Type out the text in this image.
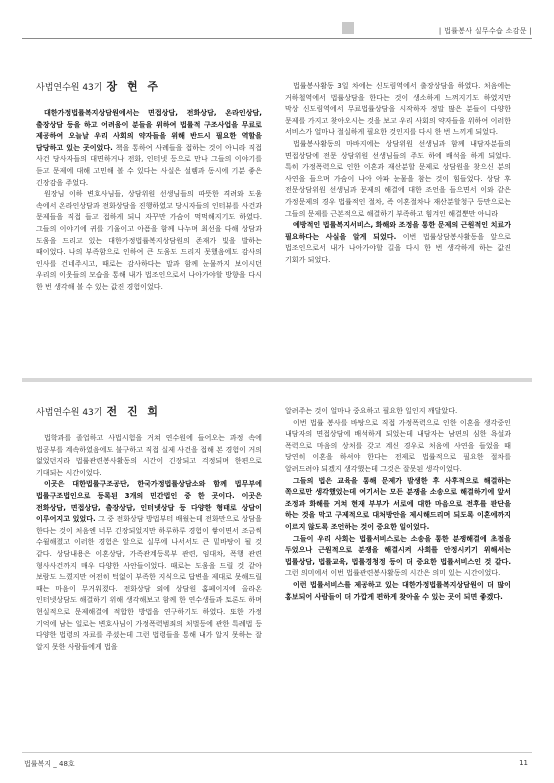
| 법률봉사 실무수습 소감문 |
사법연수원 43기 장 현 주

대한가정법률복지상담원에서는 면접상담, 전화상담, 온라인상담, 출장상담 등을 하고 어려움이 분들을 위하여 법률적 구조사업을 무료로 제공하여 오늘날 우리 사회의 약자들을 위해 반드시 필요한 역할을 담당하고 있는 곳이었다. 책을 통하여 사례들을 접하는 것이 아니라 직접 사건 당사자들의 대면하거나 전화, 인터넷 등으로 만나 그들의 이야기를 듣고 문제에 대해 고민해 볼 수 있다는 사실은 설렘과 동시에 기분 좋은 긴장감을 주었다.

원장님 이하 변호사님들, 상담위원 선생님들의 따뜻한 격려와 도움 속에서 온라인상담과 전화상담을 진행하였고 당시자들의 인터뷰를 사건과 문제들을 직접 들고 접하게 되니 자꾸만 가슴이 먹먹해지기도 하였다. 그들의 이야기에 귀를 기울이고 아픔을 함께 나누며 최선을 다해 상담과 도움을 드리고 있는 대한가정법률복지상담원의 존재가 빛을 발하는 때이었다. 나의 부족함으로 인하여 큰 도움도 드리지 못했음에도 감사의 인사를 건네주시고, 때로는 감사하다는 말과 함께 눈물까지 보이시던 우리의 이웃들의 모습을 통해 내가 법조인으로서 나아가야할 방향을 다시 한 번 생각해 볼 수 있는 값진 경험이었다.

법률봉사활동 3일 차에는 신도림역에서 출장상담을 하였다. 처음에는 거하철역에서 법률상담을 한다는 것이 생소하게 느껴지기도 하였지만 막상 신도림역에서 무료법률상담을 시작하자 정말 많은 분들이 다양한 문제를 가지고 찾아오시는 것을 보고 우리 사회의 약자들을 위하여 이러한 서비스가 얼마나 절실하게 필요한 것인지를 다시 한 번 느끼게 되었다.

법률봉사활동의 마바지에는 상담위원 선생님과 함께 내담자분들의 면접상담에 전문 상담위원 선생님들의 주도 하에 배석을 하게 되었다. 특히 가정폭력으로 인한 이혼과 재산분할 문제로 상담원을 찾으신 분의 사연을 들으며 가슴이 나아 아파 눈물을 참는 것이 힘들었다. 상담 후 전문상담위원 선생님과 문제의 해결에 대한 조언을 들으면서 이와 같은 가정문제의 경우 법률적인 절차, 즉 이혼절차나 재산분할청구 등만으로는 그들의 문제를 근본적으로 해결하기 부족하고 힘겨인 해결뿐만 아니라

예방적인 법률복지서비스, 화해와 조정을 통한 문제의 근원적인 치료가 필요하다는 사실을 알게 되었다. 이번 법률상담봉사활동을 앞으로 법조인으로서 내가 나아가야할 길을 다시 한 번 생각하게 하는 값진 기회가 되었다.

사법연수원 43기 전 진 희

법학과를 졸업하고 사법시험을 거쳐 연수원에 들어오는 과정 속에 법공부를 계속하였음에도 불구하고 직접 실제 사건을 접해 본 경험이 거의 없었던지라 법률관련봉사활동의 시간이 긴장되고 걱정되며 한편으로 기대되는 시간이었다.

이곳은 대한법률구조공단, 한국가정법률상담소와 함께 법무부에 법률구조법인으로 등록된 3개의 민간법인 중 한 곳이다. 이곳은 전화상담, 면접상담, 출장상담, 인터넷상담 등 다양한 형태로 상담이 이루어지고 있었다. 그 중 전화상담 방법부터 배웠는데 전화만으로 상담을 한다는 것이 처음엔 너무 긴장되었지만 하루하루 경험이 쌓이면서 조금씩 수월해졌고 이러한 경험은 앞으로 실무에 나서서도 큰 밑바탕이 될 것 같다. 상담내용은 이혼상담, 가족관계등록부 관련, 임대차, 폭행 관련 형사사건까지 매우 다양한 사안들이었다. 때로는 도움을 드릴 것 같아 보람도 느꼈지만 여전히 턱없이 부족한 지식으로 답변을 제대로 못해드릴 때는 마음이 무거워졌다. 전화상담 외에 상담원 홈페이지에 올라온 인터넷상담도 해결하기 위해 생각해보고 함께 한 연수생들과 토론도 하며 현실적으로 문제해결에 적합한 방법을 연구하기도 하였다. 또한 가정 기억에 남는 일로는 변호사님이 가정폭력범죄의 처벌등에 관한 특례법 등 다양한 법령의 자료를 주셨는데 그런 법령들을 통해 내가 알지 못하는 잘 알지 못한 사람들에게 법을

알려주는 것이 얼마나 중요하고 필요한 일인지 깨달았다.

이번 법률 봉사를 바탕으로 직접 가정폭력으로 인한 이혼을 생각중인 내담자의 면접상담에 배석하게 되었는데 내담자는 남편의 심한 욕설과 폭력으로 마음의 상처를 갖고 계신 경우로 처음에 사연을 들었을 때 당연히 이혼을 하셔야 한다는 전제로 법률적으로 필요한 절차를 알려드려야 되겠지 생각했는데 그것은 잘못된 생각이었다.

그들의 법은 교육을 통해 문제가 발생한 후 사후적으로 해결하는 쪽으로만 생각했었는데 여기서는 모든 분쟁을 소송으로 해결하기에 앞서 조정과 화해를 거쳐 현재 부부가 서로에 대한 마음으로 전후를 판단을 하는 것을 막고 구제적으로 대처방안을 제시해드리며 되도록 이혼에까지 이르지 않도록 조언하는 것이 중요한 일이었다.

그들이 우리 사회는 법률서비스로는 소송을 통한 분쟁해결에 초점을 두었으나 근원적으로 분쟁을 해결시켜 사회를 안정시키기 위해서는 법률상담, 법률교육, 법률경청정 등이 더 중요한 법률서비스인 것 같다. 그런 의미에서 이번 법률관련봉사활동의 시간은 의미 있는 시간이었다.

이런 법률서비스를 제공하고 있는 대한가정법률복지상담원이 더 많이 홍보되어 사람들이 더 가깝게 편하게 찾아올 수 있는 곳이 되면 좋겠다.

법률복지 _ 48호	11
